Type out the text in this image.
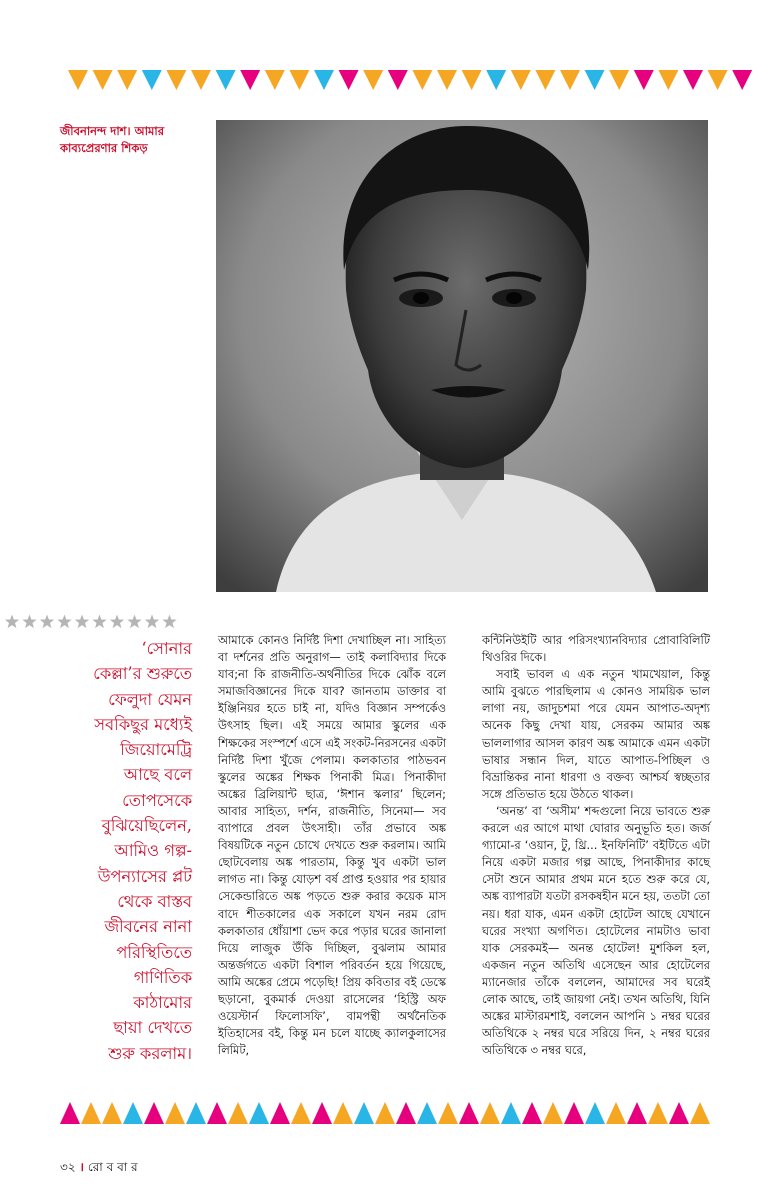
জীবনানন্দ দাশ। আমার
কাব্যপ্রেরণার শিকড়

‘সোনার

কেল্লা’র শুরুতে

ফেলুদা যেমন

সবকিছুর মধ্যেই

জিয়োমেট্রি

আছে বলে

তোপসেকে

বুঝিয়েছিলেন,

আমিও গল্প-

উপন্যাসের প্লট

থেকে বাস্তব

জীবনের নানা

পরিস্থিতিতে

গাণিতিক

কাঠামোর

ছায়া দেখতে

শুরু করলাম।

আমাকে কোনও নির্দিষ্ট দিশা দেখাচ্ছিল না। সাহিত্য বা দর্শনের প্রতি অনুরাগ— তাই কলাবিদ্যার দিকে যাব;না কি রাজনীতি-অর্থনীতির দিকে ঝোঁক বলে সমাজবিজ্ঞানের দিকে যাব? জানতাম ডাক্তার বা ইঞ্জিনিয়র হতে চাই না, যদিও বিজ্ঞান সম্পর্কেও উৎসাহ ছিল। এই সময়ে আমার স্কুলের এক শিক্ষকের সংস্পর্শে এসে এই সংকট-নিরসনের একটা নির্দিষ্ট দিশা খুঁজে পেলাম। কলকাতার পাঠভবন স্কুলের অঙ্কের শিক্ষক পিনাকী মিত্র। পিনাকীদা অঙ্কের ব্রিলিয়ান্ট ছাত্র, ‘ঈশান স্কলার’ ছিলেন; আবার সাহিত্য, দর্শন, রাজনীতি, সিনেমা— সব ব্যাপারে প্রবল উৎসাহী। তাঁর প্রভাবে অঙ্ক বিষয়টিকে নতুন চোখে দেখতে শুরু করলাম। আমি ছোটবেলায় অঙ্ক পারতাম, কিন্তু খুব একটা ভাল লাগত না। কিন্তু যোড়শ বর্ষ প্রাপ্ত হওয়ার পর হায়ার সেকেন্ডারিতে অঙ্ক পড়তে শুরু করার কয়েক মাস বাদে শীতকালের এক সকালে যখন নরম রোদ কলকাতার ধোঁয়াশা ভেদ করে পড়ার ঘরের জানালা দিয়ে লাজুক উঁকি দিচ্ছিল, বুঝলাম আমার অন্তর্জগতে একটা বিশাল পরিবর্তন হয়ে গিয়েছে, আমি অঙ্কের প্রেমে পড়েছি! প্রিয় কবিতার বই ডেস্কে ছড়ানো, বুকমার্ক দেওয়া রাসেলের ‘হিস্ট্রি অফ ওয়েস্টার্ন ফিলোসফি’, বামপন্থী অর্থনৈতিক ইতিহাসের বই, কিন্তু মন চলে যাচ্ছে ক্যালকুলাসের লিমিট,

কন্টিনিউইটি আর পরিসংখ্যানবিদ্যার প্রোবাবিলিটি থিওরির দিকে।

সবাই ভাবল এ এক নতুন খামখেয়াল, কিন্তু আমি বুঝতে পারছিলাম এ কোনও সাময়িক ভাল লাগা নয়, জাদুচশমা পরে যেমন আপাত-অদৃশ্য অনেক কিছু দেখা যায়, সেরকম আমার অঙ্ক ভাললাগার আসল কারণ অঙ্ক আমাকে এমন একটা ভাষার সন্ধান দিল, যাতে আপাত-পিচ্ছিল ও বিভ্রান্তিকর নানা ধারণা ও বক্তব্য আশ্চর্য স্বচ্ছতার সঙ্গে প্রতিভাত হয়ে উঠতে থাকল।

‘অনন্ত’ বা ‘অসীম’ শব্দগুলো নিয়ে ভাবতে শুরু করলে এর আগে মাথা ঘোরার অনুভূতি হত। জর্জ গ্যামো-র ‘ওয়ান, টু, থ্রি... ইনফিনিটি’ বইটিতে এটা নিয়ে একটা মজার গল্প আছে, পিনাকীদার কাছে সেটা শুনে আমার প্রথম মনে হতে শুরু করে যে, অঙ্ক ব্যাপারটা যতটা রসকষহীন মনে হয়, ততটা তো নয়। ধরা যাক, এমন একটা হোটেল আছে যেখানে ঘরের সংখ্যা অগণিত। হোটেলের নামটাও ভাবা যাক সেরকমই— অনন্ত হোটেল! মুশকিল হল, একজন নতুন অতিথি এসেছেন আর হোটেলের ম্যানেজার তাঁকে বললেন, আমাদের সব ঘরেই লোক আছে, তাই জায়গা নেই। তখন অতিথি, যিনি অঙ্কের মাস্টারমশাই, বললেন আপনি ১ নম্বর ঘরের অতিথিকে ২ নম্বর ঘরে সরিয়ে দিন, ২ নম্বর ঘরের অতিথিকে ৩ নম্বর ঘরে,

৩২ । রো ব বা র
